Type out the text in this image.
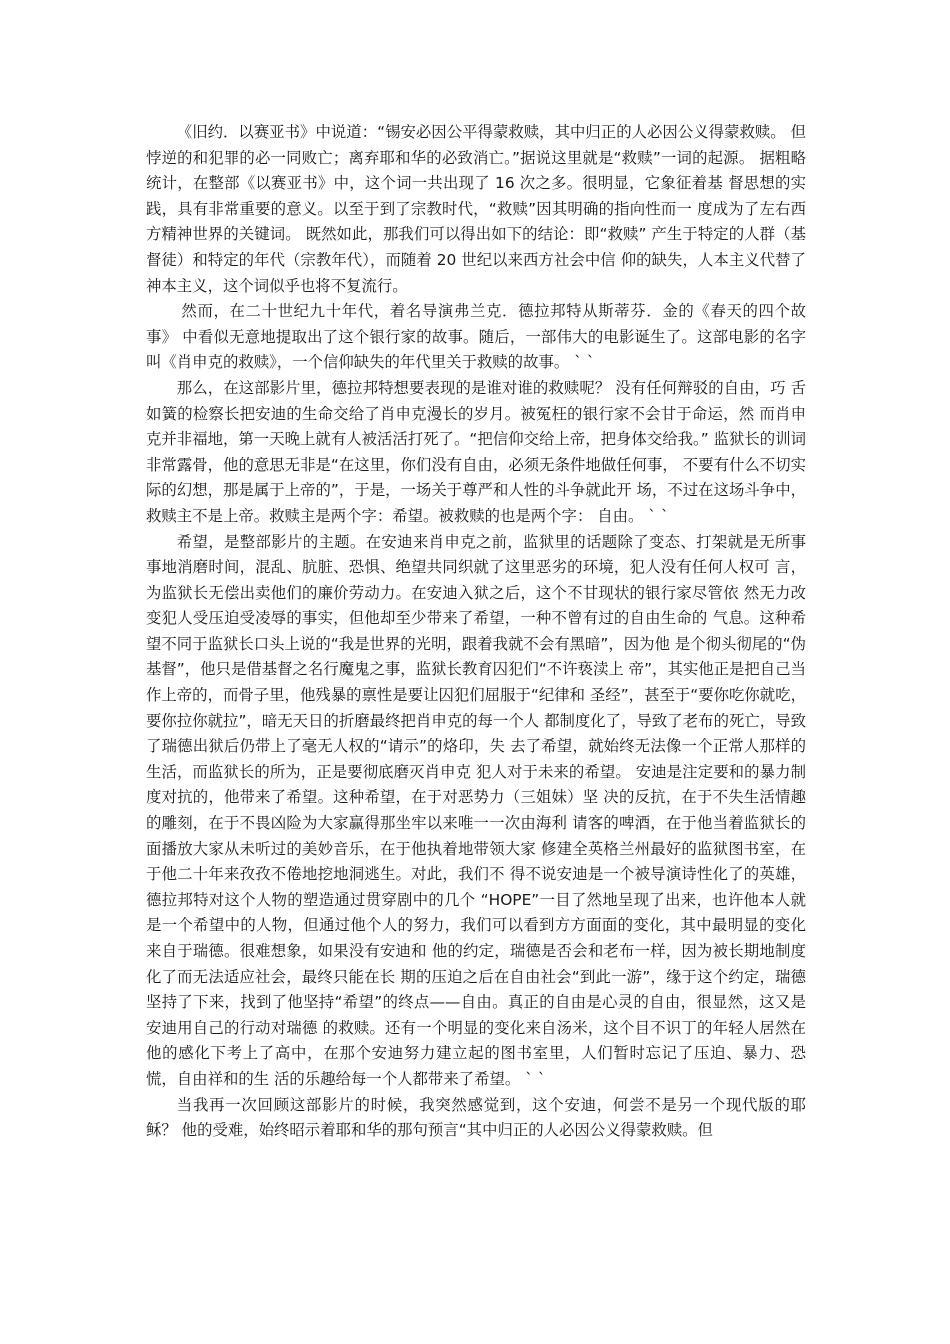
《旧约．以赛亚书》中说道：“锡安必因公平得蒙救赎，其中归正的人必因公义得蒙救赎。 但悖逆的和犯罪的必一同败亡；离弃耶和华的必致消亡。”据说这里就是“救赎”一词的起源。 据粗略统计，在整部《以赛亚书》中，这个词一共出现了 16 次之多。很明显，它象征着基 督思想的实践，具有非常重要的意义。以至于到了宗教时代，“救赎”因其明确的指向性而一 度成为了左右西方精神世界的关键词。 既然如此，那我们可以得出如下的结论：即“救赎” 产生于特定的人群（基督徒）和特定的年代（宗教年代），而随着 20 世纪以来西方社会中信 仰的缺失，人本主义代替了神本主义，这个词似乎也将不复流行。

然而，在二十世纪九十年代，着名导演弗兰克．德拉邦特从斯蒂芬．金的《春天的四个故事》 中看似无意地提取出了这个银行家的故事。随后，一部伟大的电影诞生了。这部电影的名字 叫《肖申克的救赎》，一个信仰缺失的年代里关于救赎的故事。 ` `

那么，在这部影片里，德拉邦特想要表现的是谁对谁的救赎呢？ 没有任何辩驳的自由，巧 舌如簧的检察长把安迪的生命交给了肖申克漫长的岁月。被冤枉的银行家不会甘于命运，然 而肖申克并非福地，第一天晚上就有人被活活打死了。“把信仰交给上帝，把身体交给我。” 监狱长的训词非常露骨，他的意思无非是“在这里，你们没有自由，必须无条件地做任何事， 不要有什么不切实际的幻想，那是属于上帝的”，于是，一场关于尊严和人性的斗争就此开 场，不过在这场斗争中，救赎主不是上帝。救赎主是两个字：希望。被救赎的也是两个字： 自由。 ` `

希望，是整部影片的主题。在安迪来肖申克之前，监狱里的话题除了变态、打架就是无所事 事地消磨时间，混乱、肮脏、恐惧、绝望共同织就了这里恶劣的环境，犯人没有任何人权可 言，为监狱长无偿出卖他们的廉价劳动力。在安迪入狱之后，这个不甘现状的银行家尽管依 然无力改变犯人受压迫受凌辱的事实，但他却至少带来了希望，一种不曾有过的自由生命的 气息。这种希望不同于监狱长口头上说的“我是世界的光明，跟着我就不会有黑暗”，因为他 是个彻头彻尾的“伪基督”，他只是借基督之名行魔鬼之事，监狱长教育囚犯们“不许亵渎上 帝”，其实他正是把自己当作上帝的，而骨子里，他残暴的禀性是要让囚犯们屈服于“纪律和 圣经”，甚至于“要你吃你就吃，要你拉你就拉”，暗无天日的折磨最终把肖申克的每一个人 都制度化了，导致了老布的死亡，导致了瑞德出狱后仍带上了毫无人权的“请示”的烙印，失 去了希望，就始终无法像一个正常人那样的生活，而监狱长的所为，正是要彻底磨灭肖申克 犯人对于未来的希望。 安迪是注定要和的暴力制度对抗的，他带来了希望。这种希望，在于对恶势力（三姐妹）坚 决的反抗，在于不失生活情趣的雕刻，在于不畏凶险为大家赢得那坐牢以来唯一一次由海利 请客的啤酒，在于他当着监狱长的面播放大家从未听过的美妙音乐，在于他执着地带领大家 修建全英格兰州最好的监狱图书室，在于他二十年来孜孜不倦地挖地洞逃生。对此，我们不 得不说安迪是一个被导演诗性化了的英雄，德拉邦特对这个人物的塑造通过贯穿剧中的几个 “HOPE”一目了然地呈现了出来，也许他本人就是一个希望中的人物，但通过他个人的努力，我们可以看到方方面面的变化，其中最明显的变化来自于瑞德。很难想象，如果没有安迪和 他的约定，瑞德是否会和老布一样，因为被长期地制度化了而无法适应社会，最终只能在长 期的压迫之后在自由社会“到此一游”，缘于这个约定，瑞德坚持了下来，找到了他坚持“希望”的终点——自由。真正的自由是心灵的自由，很显然，这又是安迪用自己的行动对瑞德 的救赎。还有一个明显的变化来自汤米，这个目不识丁的年轻人居然在他的感化下考上了高中，在那个安迪努力建立起的图书室里，人们暂时忘记了压迫、暴力、恐慌，自由祥和的生 活的乐趣给每一个人都带来了希望。 ` `

当我再一次回顾这部影片的时候，我突然感觉到，这个安迪，何尝不是另一个现代版的耶稣？ 他的受难，始终昭示着耶和华的那句预言“其中归正的人必因公义得蒙救赎。但
